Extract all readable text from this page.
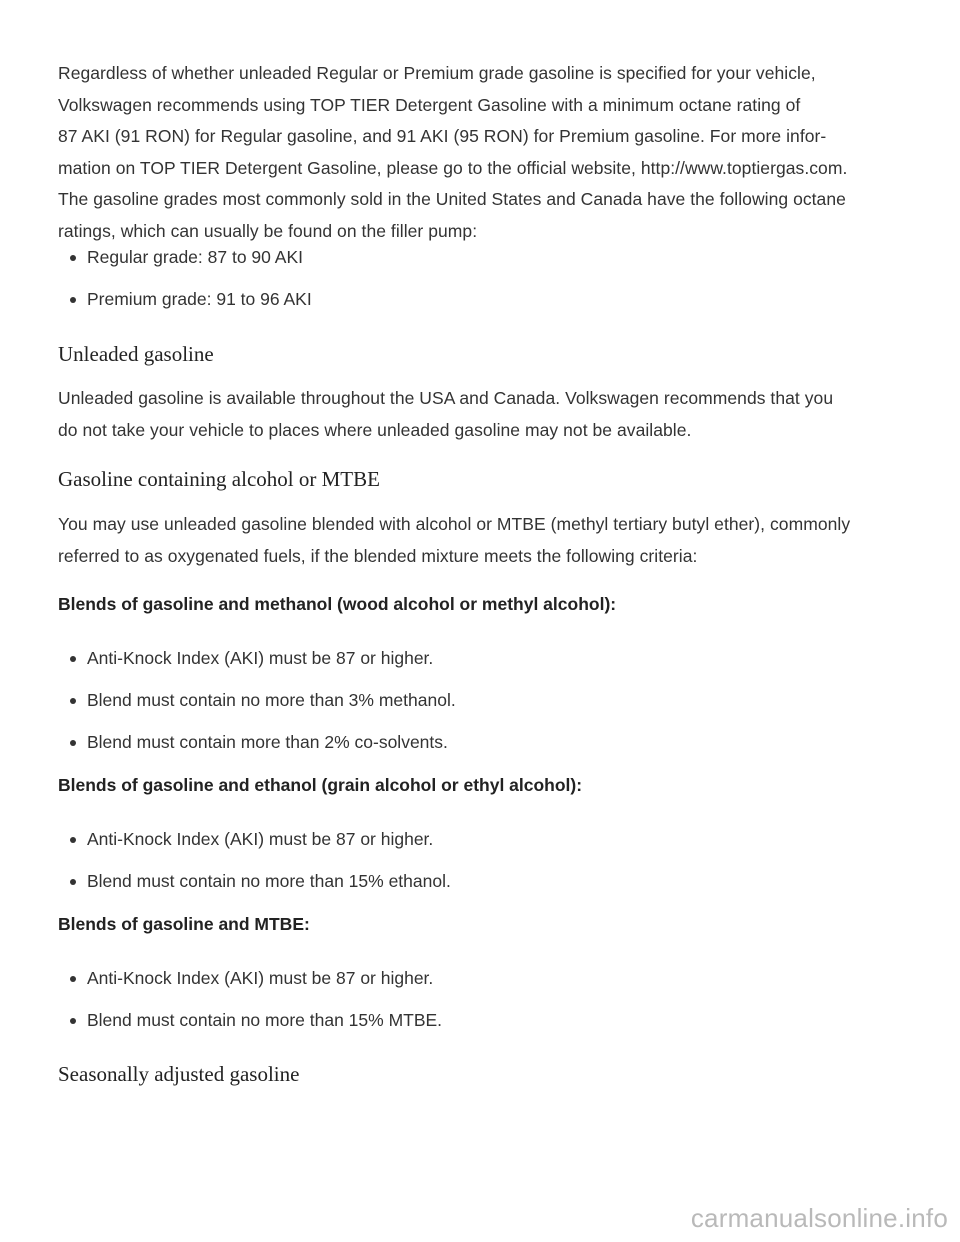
Regardless of whether unleaded Regular or Premium grade gasoline is specified for your vehicle,
Volkswagen recommends using TOP TIER Detergent Gasoline with a minimum octane rating of
87 AKI (91 RON) for Regular gasoline, and 91 AKI (95 RON) for Premium gasoline. For more infor-
mation on TOP TIER Detergent Gasoline, please go to the official website, http://www.toptiergas.com.

The gasoline grades most commonly sold in the United States and Canada have the following octane
ratings, which can usually be found on the filler pump:

Regular grade: 87 to 90 AKI
Premium grade: 91 to 96 AKI
Unleaded gasoline

Unleaded gasoline is available throughout the USA and Canada. Volkswagen recommends that you
do not take your vehicle to places where unleaded gasoline may not be available.

Gasoline containing alcohol or MTBE

You may use unleaded gasoline blended with alcohol or MTBE (methyl tertiary butyl ether), commonly
referred to as oxygenated fuels, if the blended mixture meets the following criteria:

Blends of gasoline and methanol (wood alcohol or methyl alcohol):

Anti-Knock Index (AKI) must be 87 or higher.
Blend must contain no more than 3% methanol.
Blend must contain more than 2% co-solvents.

Blends of gasoline and ethanol (grain alcohol or ethyl alcohol):

Anti-Knock Index (AKI) must be 87 or higher.
Blend must contain no more than 15% ethanol.

Blends of gasoline and MTBE:

Anti-Knock Index (AKI) must be 87 or higher.
Blend must contain no more than 15% MTBE.
Seasonally adjusted gasoline
carmanualsonline.info
